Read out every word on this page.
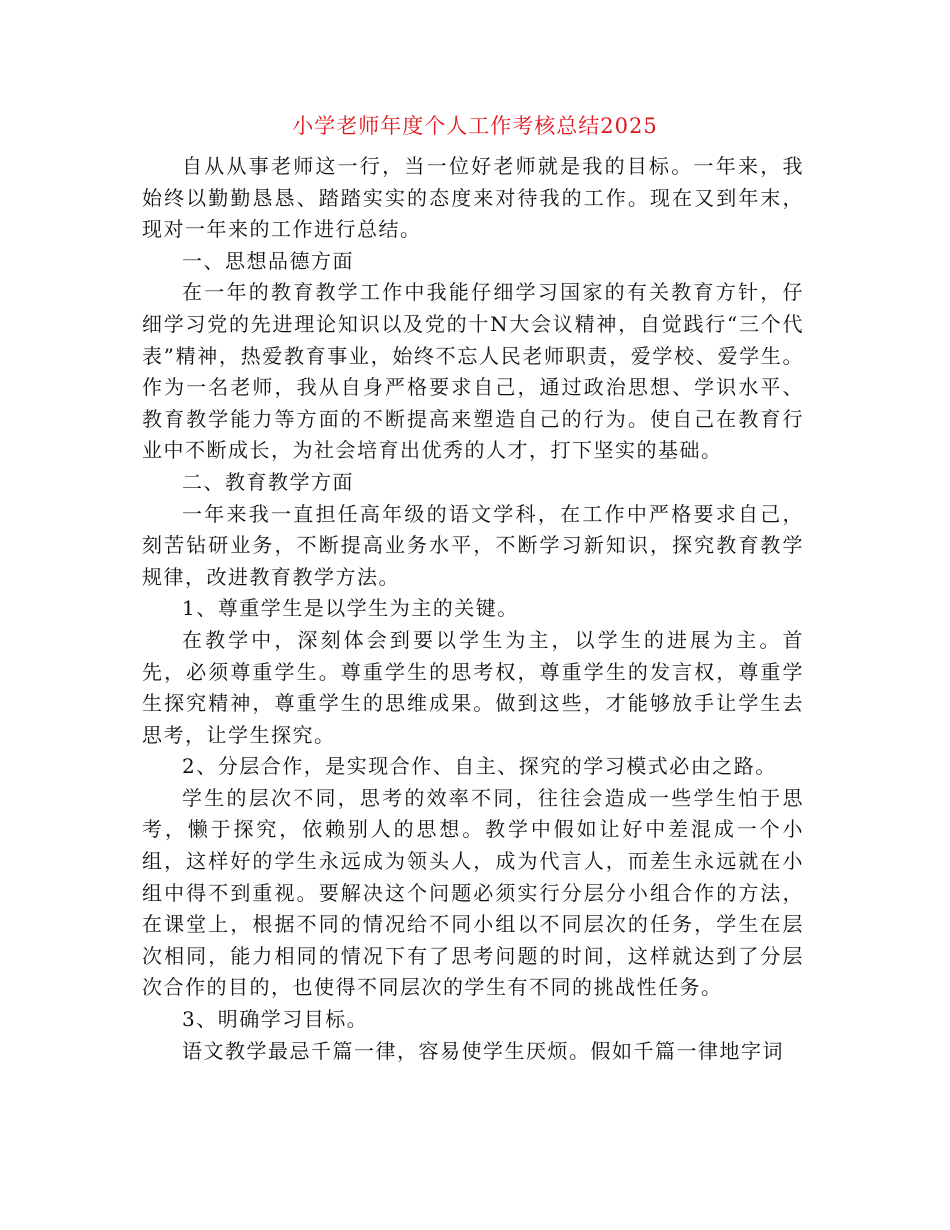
小学老师年度个人工作考核总结2025

自从从事老师这一行，当一位好老师就是我的目标。一年来，我始终以勤勤恳恳、踏踏实实的态度来对待我的工作。现在又到年末，现对一年来的工作进行总结。

一、思想品德方面

在一年的教育教学工作中我能仔细学习国家的有关教育方针，仔细学习党的先进理论知识以及党的十N大会议精神，自觉践行“三个代表”精神，热爱教育事业，始终不忘人民老师职责，爱学校、爱学生。作为一名老师，我从自身严格要求自己，通过政治思想、学识水平、教育教学能力等方面的不断提高来塑造自己的行为。使自己在教育行业中不断成长，为社会培育出优秀的人才，打下坚实的基础。

二、教育教学方面

一年来我一直担任高年级的语文学科，在工作中严格要求自己，刻苦钻研业务，不断提高业务水平，不断学习新知识，探究教育教学规律，改进教育教学方法。

1、尊重学生是以学生为主的关键。

在教学中，深刻体会到要以学生为主，以学生的进展为主。首先，必须尊重学生。尊重学生的思考权，尊重学生的发言权，尊重学生探究精神，尊重学生的思维成果。做到这些，才能够放手让学生去思考，让学生探究。

2、分层合作，是实现合作、自主、探究的学习模式必由之路。

学生的层次不同，思考的效率不同，往往会造成一些学生怕于思考，懒于探究，依赖别人的思想。教学中假如让好中差混成一个小组，这样好的学生永远成为领头人，成为代言人，而差生永远就在小组中得不到重视。要解决这个问题必须实行分层分小组合作的方法，在课堂上，根据不同的情况给不同小组以不同层次的任务，学生在层次相同，能力相同的情况下有了思考问题的时间，这样就达到了分层次合作的目的，也使得不同层次的学生有不同的挑战性任务。

3、明确学习目标。

语文教学最忌千篇一律，容易使学生厌烦。假如千篇一律地字词
